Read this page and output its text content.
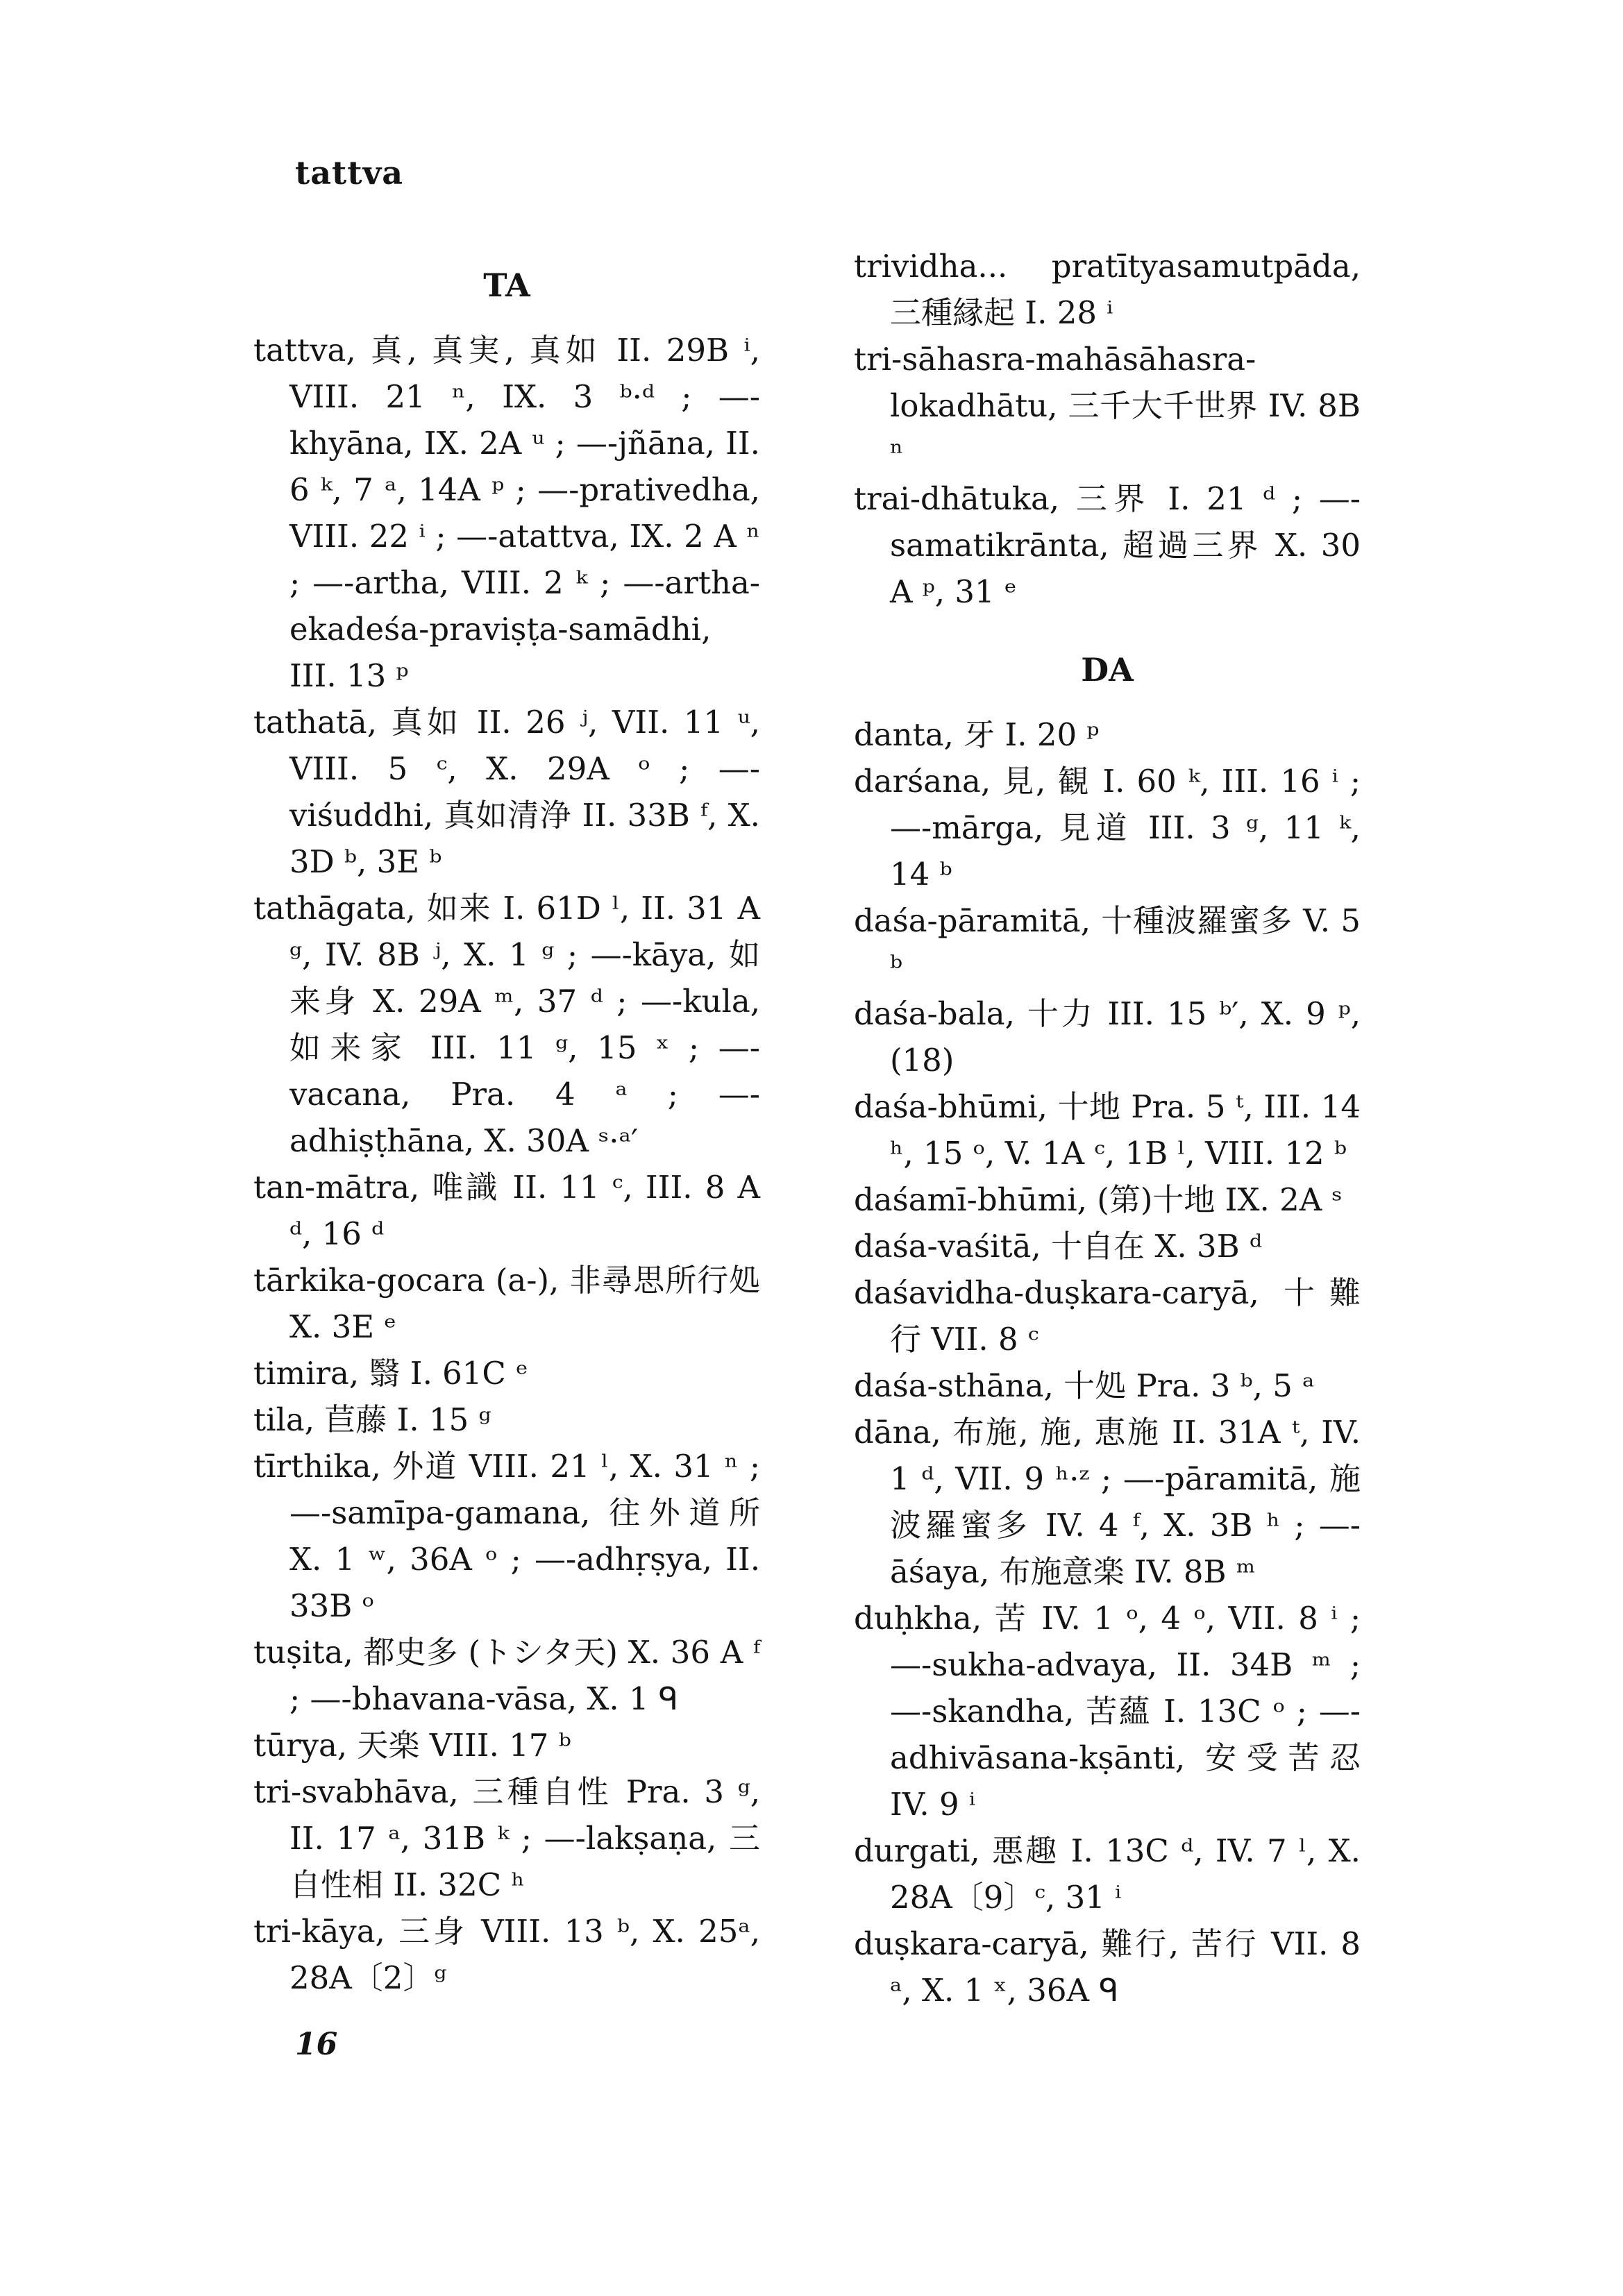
tattva
TA

tattva, 真, 真実, 真如 II. 29B ⁱ, VIII. 21 ⁿ, IX. 3 ᵇ·ᵈ ; —-khyāna, IX. 2A ᵘ ; —-jñāna, II. 6 ᵏ, 7 ᵃ, 14A ᵖ ; —-prativedha, VIII. 22 ⁱ ; —-atattva, IX. 2 A ⁿ ; —-artha, VIII. 2 ᵏ ; —-artha-ekadeśa-praviṣṭa-samādhi, III. 13 ᵖ

tathatā, 真如 II. 26 ʲ, VII. 11 ᵘ, VIII. 5 ᶜ, X. 29A ᵒ ; —-viśuddhi, 真如清浄 II. 33B ᶠ, X. 3D ᵇ, 3E ᵇ

tathāgata, 如来 I. 61D ˡ, II. 31 A ᵍ, IV. 8B ʲ, X. 1 ᵍ ; —-kāya, 如来身 X. 29A ᵐ, 37 ᵈ ; —-kula, 如来家 III. 11 ᵍ, 15 ˣ ; —-vacana, Pra. 4 ᵃ ; —-adhiṣṭhāna, X. 30A ˢ·ᵃ′

tan-mātra, 唯識 II. 11 ᶜ, III. 8 A ᵈ, 16 ᵈ

tārkika-gocara (a-), 非尋思所行処 X. 3E ᵉ

timira, 翳 I. 61C ᵉ

tila, 苣藤 I. 15 ᵍ

tīrthika, 外道 VIII. 21 ˡ, X. 31 ⁿ ; —-samīpa-gamana, 往外道所 X. 1 ʷ, 36A ᵒ ; —-adhṛṣya, II. 33B ᵒ

tuṣita, 都史多 (トシタ天) X. 36 A ᶠ ; —-bhavana-vāsa, X. 1 ᑫ

tūrya, 天楽 VIII. 17 ᵇ

tri-svabhāva, 三種自性 Pra. 3 ᵍ, II. 17 ᵃ, 31B ᵏ ; —-lakṣaṇa, 三自性相 II. 32C ʰ

tri-kāya, 三身 VIII. 13 ᵇ, X. 25ᵃ, 28A〔2〕ᵍ

trividha... pratītyasamutpāda, 三種縁起 I. 28 ⁱ

tri-sāhasra-mahāsāhasra-lokadhātu, 三千大千世界 IV. 8B ⁿ

trai-dhātuka, 三界 I. 21 ᵈ ; —-samatikrānta, 超過三界 X. 30 A ᵖ, 31 ᵉ

DA

danta, 牙 I. 20 ᵖ

darśana, 見, 観 I. 60 ᵏ, III. 16 ⁱ ; —-mārga, 見道 III. 3 ᵍ, 11 ᵏ, 14 ᵇ

daśa-pāramitā, 十種波羅蜜多 V. 5 ᵇ

daśa-bala, 十力 III. 15 ᵇ′, X. 9 ᵖ, (18)

daśa-bhūmi, 十地 Pra. 5 ᵗ, III. 14 ʰ, 15 ᵒ, V. 1A ᶜ, 1B ˡ, VIII. 12 ᵇ

daśamī-bhūmi, (第)十地 IX. 2A ˢ

daśa-vaśitā, 十自在 X. 3B ᵈ

daśavidha-duṣkara-caryā, 十難行 VII. 8 ᶜ

daśa-sthāna, 十処 Pra. 3 ᵇ, 5 ᵃ

dāna, 布施, 施, 恵施 II. 31A ᵗ, IV. 1 ᵈ, VII. 9 ʰ·ᶻ ; —-pāramitā, 施波羅蜜多 IV. 4 ᶠ, X. 3B ʰ ; —-āśaya, 布施意楽 IV. 8B ᵐ

duḥkha, 苦 IV. 1 ᵒ, 4 ᵒ, VII. 8 ⁱ ; —-sukha-advaya, II. 34B ᵐ ; —-skandha, 苦蘊 I. 13C ᵒ ; —-adhivāsana-kṣānti, 安受苦忍 IV. 9 ⁱ

durgati, 悪趣 I. 13C ᵈ, IV. 7 ˡ, X. 28A〔9〕ᶜ, 31 ⁱ

duṣkara-caryā, 難行, 苦行 VII. 8 ᵃ, X. 1 ˣ, 36A ᑫ

16
